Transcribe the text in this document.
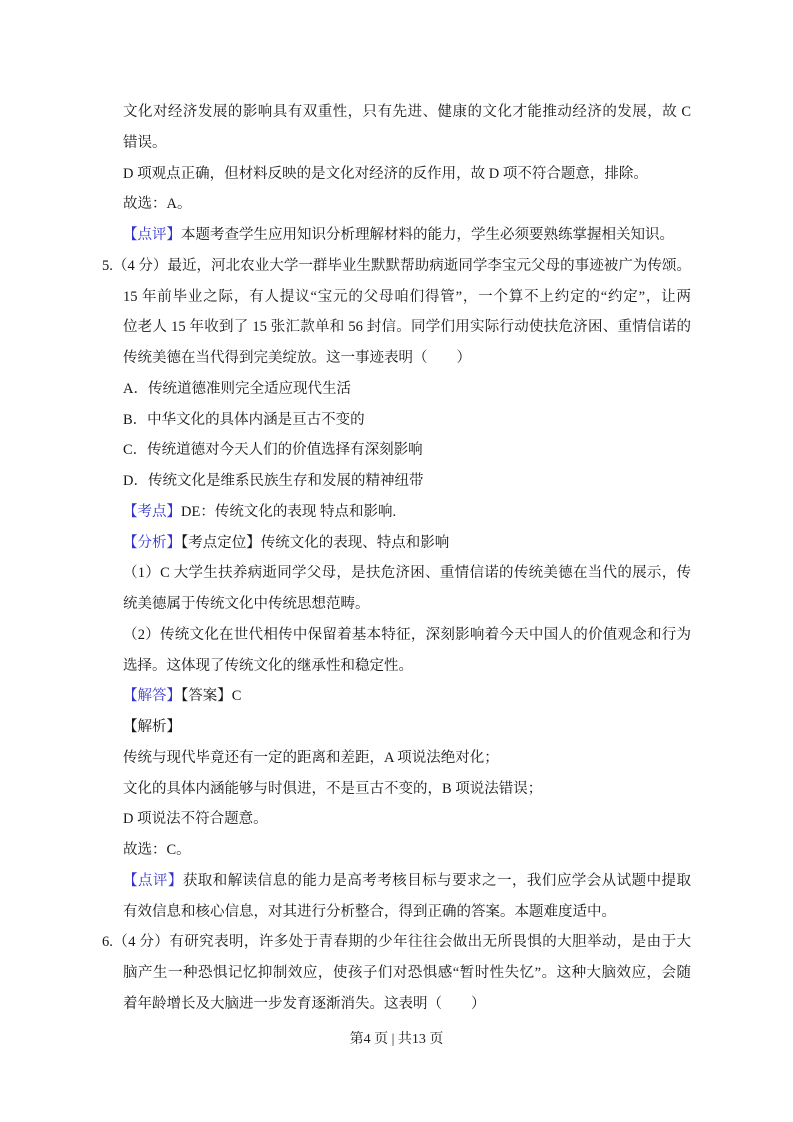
文化对经济发展的影响具有双重性，只有先进、健康的文化才能推动经济的发展，故 C
错误。
D 项观点正确，但材料反映的是文化对经济的反作用，故 D 项不符合题意，排除。
故选：A。
【点评】本题考查学生应用知识分析理解材料的能力，学生必须要熟练掌握相关知识。
5.（4 分）最近，河北农业大学一群毕业生默默帮助病逝同学李宝元父母的事迹被广为传颂。
15 年前毕业之际，有人提议“宝元的父母咱们得管”，一个算不上约定的“约定”，让两
位老人 15 年收到了 15 张汇款单和 56 封信。同学们用实际行动使扶危济困、重情信诺的
传统美德在当代得到完美绽放。这一事迹表明（　　）
A．传统道德准则完全适应现代生活
B．中华文化的具体内涵是亘古不变的
C．传统道德对今天人们的价值选择有深刻影响
D．传统文化是维系民族生存和发展的精神纽带
【考点】DE：传统文化的表现 特点和影响.
【分析】【考点定位】传统文化的表现、特点和影响
（1）C 大学生扶养病逝同学父母，是扶危济困、重情信诺的传统美德在当代的展示，传
统美德属于传统文化中传统思想范畴。
（2）传统文化在世代相传中保留着基本特征，深刻影响着今天中国人的价值观念和行为
选择。这体现了传统文化的继承性和稳定性。
【解答】【答案】C
【解析】
传统与现代毕竟还有一定的距离和差距，A 项说法绝对化；
文化的具体内涵能够与时俱进，不是亘古不变的，B 项说法错误；
D 项说法不符合题意。
故选：C。
【点评】获取和解读信息的能力是高考考核目标与要求之一，我们应学会从试题中提取
有效信息和核心信息，对其进行分析整合，得到正确的答案。本题难度适中。
6.（4 分）有研究表明，许多处于青春期的少年往往会做出无所畏惧的大胆举动，是由于大
脑产生一种恐惧记忆抑制效应，使孩子们对恐惧感“暂时性失忆”。这种大脑效应，会随
着年龄增长及大脑进一步发育逐渐消失。这表明（　　）
第4 页 | 共13 页
